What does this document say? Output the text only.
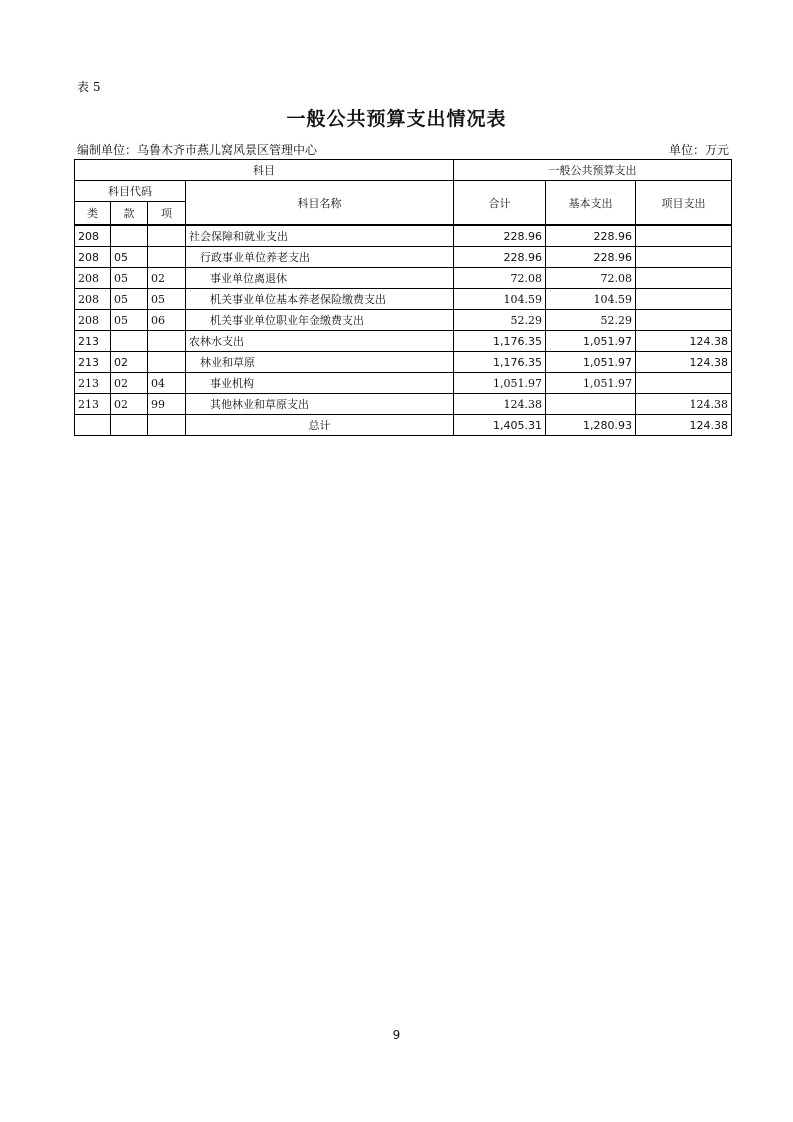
表 5
一般公共预算支出情况表
编制单位：乌鲁木齐市燕儿窝风景区管理中心	单位：万元
科目				一般公共预算支出		
科目代码			科目名称	合计	基本支出	项目支出
类	款	项				
208			社会保障和就业支出	228.96	228.96	
208	05		行政事业单位养老支出	228.96	228.96	
208	05	02	事业单位离退休	72.08	72.08	
208	05	05	机关事业单位基本养老保险缴费支出	104.59	104.59	
208	05	06	机关事业单位职业年金缴费支出	52.29	52.29	
213			农林水支出	1,176.35	1,051.97	124.38
213	02		林业和草原	1,176.35	1,051.97	124.38
213	02	04	事业机构	1,051.97	1,051.97	
213	02	99	其他林业和草原支出	124.38		124.38
			总计	1,405.31	1,280.93	124.38
9
